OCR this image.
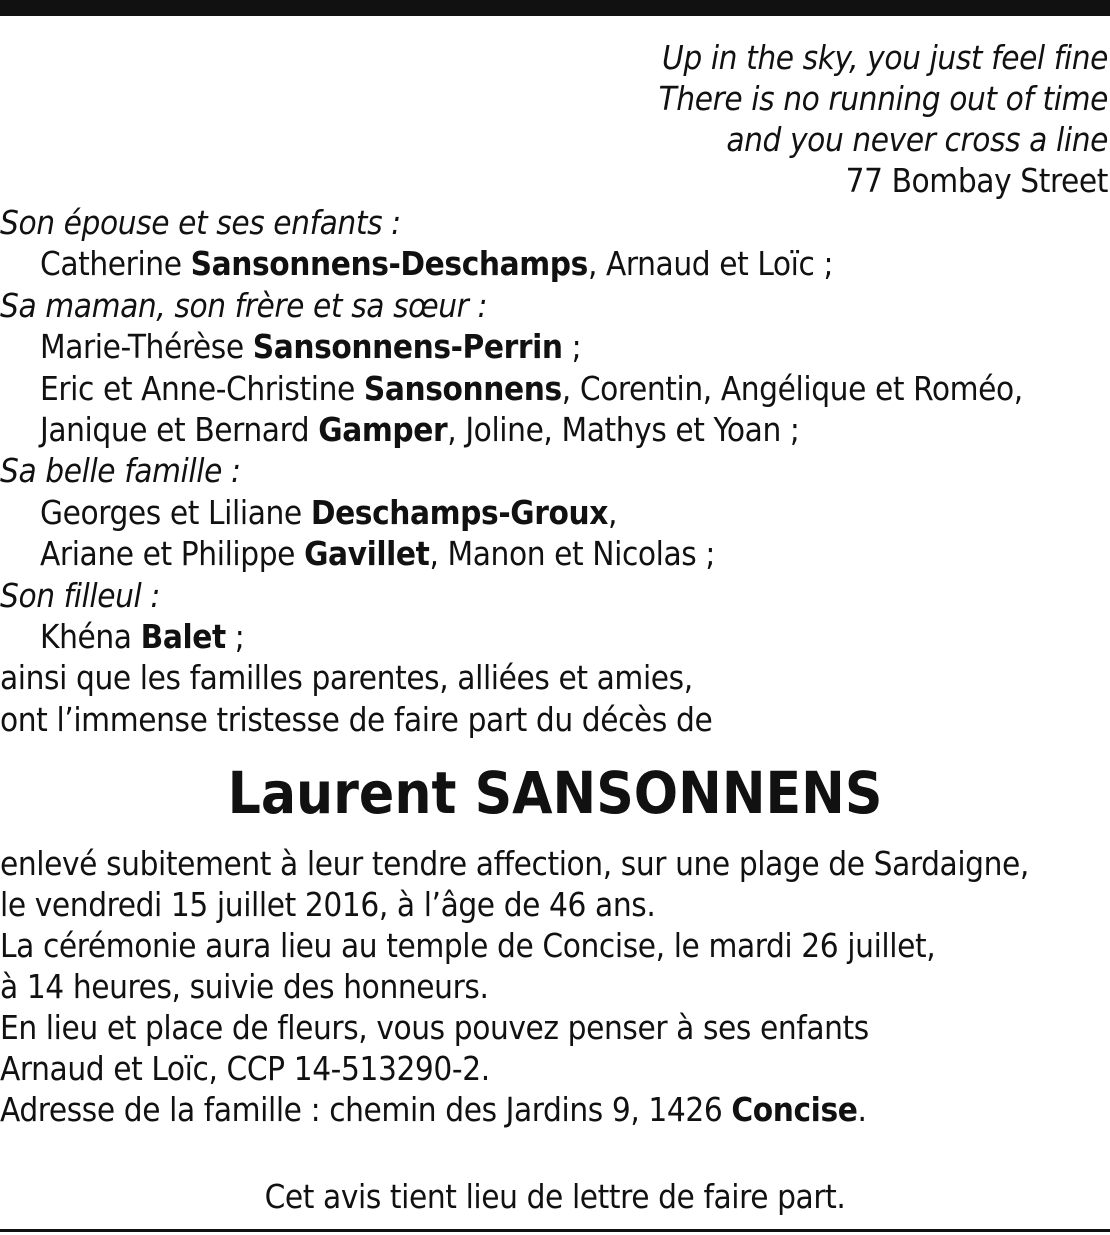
Up in the sky, you just feel fine
There is no running out of time
and you never cross a line
77 Bombay Street
Son épouse et ses enfants :
Catherine Sansonnens-Deschamps, Arnaud et Loïc ;
Sa maman, son frère et sa sœur :
Marie-Thérèse Sansonnens-Perrin ;
Eric et Anne-Christine Sansonnens, Corentin, Angélique et Roméo,
Janique et Bernard Gamper, Joline, Mathys et Yoan ;
Sa belle famille :
Georges et Liliane Deschamps-Groux,
Ariane et Philippe Gavillet, Manon et Nicolas ;
Son filleul :
Khéna Balet ;
ainsi que les familles parentes, alliées et amies,
ont l’immense tristesse de faire part du décès de
Laurent SANSONNENS
enlevé subitement à leur tendre affection, sur une plage de Sardaigne,
le vendredi 15 juillet 2016, à l’âge de 46 ans.
La cérémonie aura lieu au temple de Concise, le mardi 26 juillet,
à 14 heures, suivie des honneurs.
En lieu et place de fleurs, vous pouvez penser à ses enfants
Arnaud et Loïc, CCP 14-513290-2.
Adresse de la famille : chemin des Jardins 9, 1426 Concise.
Cet avis tient lieu de lettre de faire part.
